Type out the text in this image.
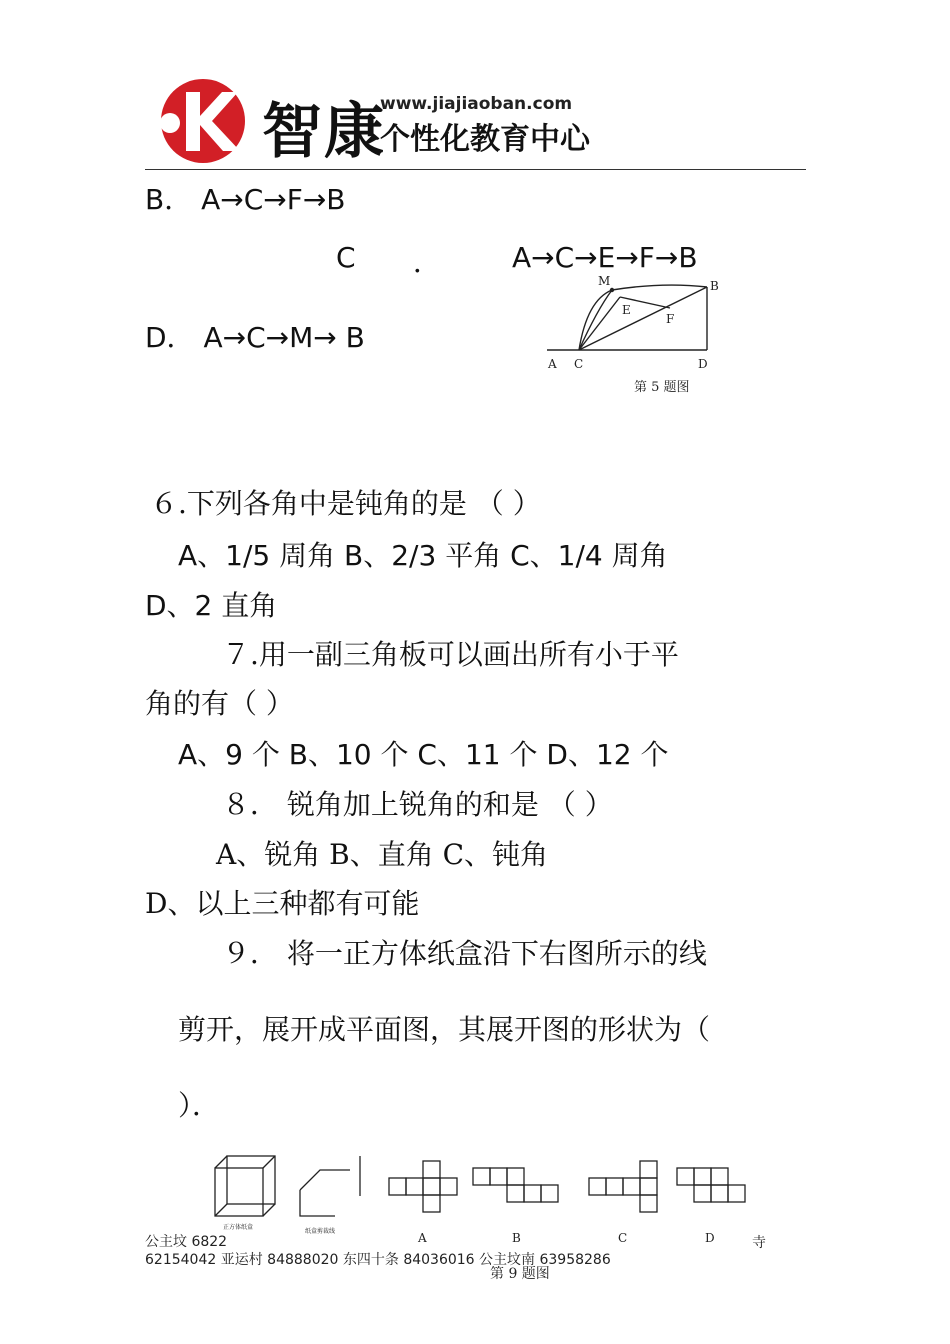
智康
www.jiajiaoban.com
个性化教育中心
B． A→C→F→B
C ．	A→C→E→F→B
D． A→C→M→ B
M
E
F
B
A C	D
第 5 题图
６.下列各角中是钝角的是 （ ）
A、1/5 周角 B、2/3 平角 C、1/4 周角
D、2 直角
７.用一副三角板可以画出所有小于平
角的有（ ）
A、9 个 B、10 个 C、11 个 D、12 个
８． 锐角加上锐角的和是 （ ）
A、锐角 B、直角 C、钝角
D、以上三种都有可能
９． 将一正方体纸盒沿下右图所示的线
剪开，展开成平面图，其展开图的形状为（
）．
正方体纸盒
纸盒剪裁线	A	B	C	D
公主坟 6822	寺
62154042 亚运村 84888020 东四十条 84036016 公主坟南 63958286
第 9 题图
